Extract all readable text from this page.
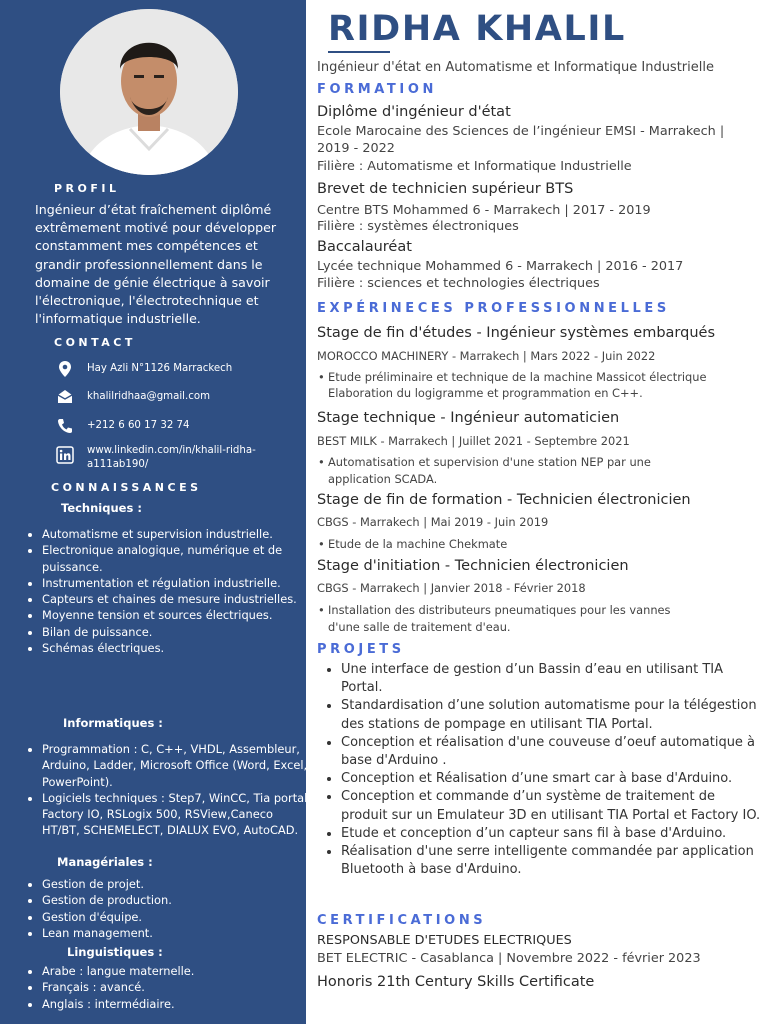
PROFIL
Ingénieur d’état fraîchement diplômé extrêmement motivé pour développer constamment mes compétences et grandir professionnellement dans le domaine de génie électrique à savoir l'électronique, l'électrotechnique et l'informatique industrielle.
CONTACT
Hay Azli N°1126 Marrackech
khalilridhaa@gmail.com
+212 6 60 17 32 74
www.linkedin.com/in/khalil-ridha-
a111ab190/
CONNAISSANCES
Techniques :
• Automatisme et supervision industrielle.
• Electronique analogique, numérique et de puissance.
• Instrumentation et régulation industrielle.
• Capteurs et chaines de mesure industrielles.
• Moyenne tension et sources électriques.
• Bilan de puissance.
• Schémas électriques.
Informatiques :
• Programmation : C, C++, VHDL, Assembleur, Arduino, Ladder, Microsoft Office (Word, Excel, PowerPoint).
• Logiciels techniques : Step7, WinCC, Tia portal, Factory IO, RSLogix 500, RSView,Caneco HT/BT, SCHEMELECT, DIALUX EVO, AutoCAD.
Managériales :
• Gestion de projet.
• Gestion de production.
• Gestion d'équipe.
• Lean management.
Linguistiques :
• Arabe : langue maternelle.
• Français : avancé.
• Anglais : intermédiaire.
RIDHA KHALIL
Ingénieur d'état en Automatisme et Informatique Industrielle
FORMATION
Diplôme d'ingénieur d'état
Ecole Marocaine des Sciences de l’ingénieur EMSI - Marrakech |
2019 - 2022
Filière : Automatisme et Informatique Industrielle
Brevet de technicien supérieur BTS
Centre BTS Mohammed 6 - Marrakech | 2017 - 2019
Filière : systèmes électroniques
Baccalauréat
Lycée technique Mohammed 6 - Marrakech | 2016 - 2017
Filière : sciences et technologies électriques
EXPÉRINECES PROFESSIONNELLES
Stage de fin d'études - Ingénieur systèmes embarqués
MOROCCO MACHINERY - Marrakech | Mars 2022 - Juin 2022
• Etude préliminaire et technique de la machine Massicot électrique
Elaboration du logigramme et programmation en C++.
Stage technique - Ingénieur automaticien
BEST MILK - Marrakech | Juillet 2021 - Septembre 2021
• Automatisation et supervision d'une station NEP par une
application SCADA.
Stage de fin de formation - Technicien électronicien
CBGS - Marrakech | Mai 2019 - Juin 2019
• Etude de la machine Chekmate
Stage d'initiation - Technicien électronicien
CBGS - Marrakech | Janvier 2018 - Février 2018
• Installation des distributeurs pneumatiques pour les vannes
d'une salle de traitement d'eau.
PROJETS
• Une interface de gestion d’un Bassin d’eau en utilisant TIA Portal.
• Standardisation d’une solution automatisme pour la télégestion des stations de pompage en utilisant TIA Portal.
• Conception et réalisation d'une couveuse d’oeuf automatique à base d'Arduino .
• Conception et Réalisation d’une smart car à base d'Arduino.
• Conception et commande d’un système de traitement de produit sur un Emulateur 3D en utilisant TIA Portal et Factory IO.
• Etude et conception d’un capteur sans fil à base d'Arduino.
• Réalisation d'une serre intelligente commandée par application Bluetooth à base d'Arduino.
CERTIFICATIONS
RESPONSABLE D'ETUDES ELECTRIQUES
BET ELECTRIC - Casablanca | Novembre 2022 - février 2023
Honoris 21th Century Skills Certificate
